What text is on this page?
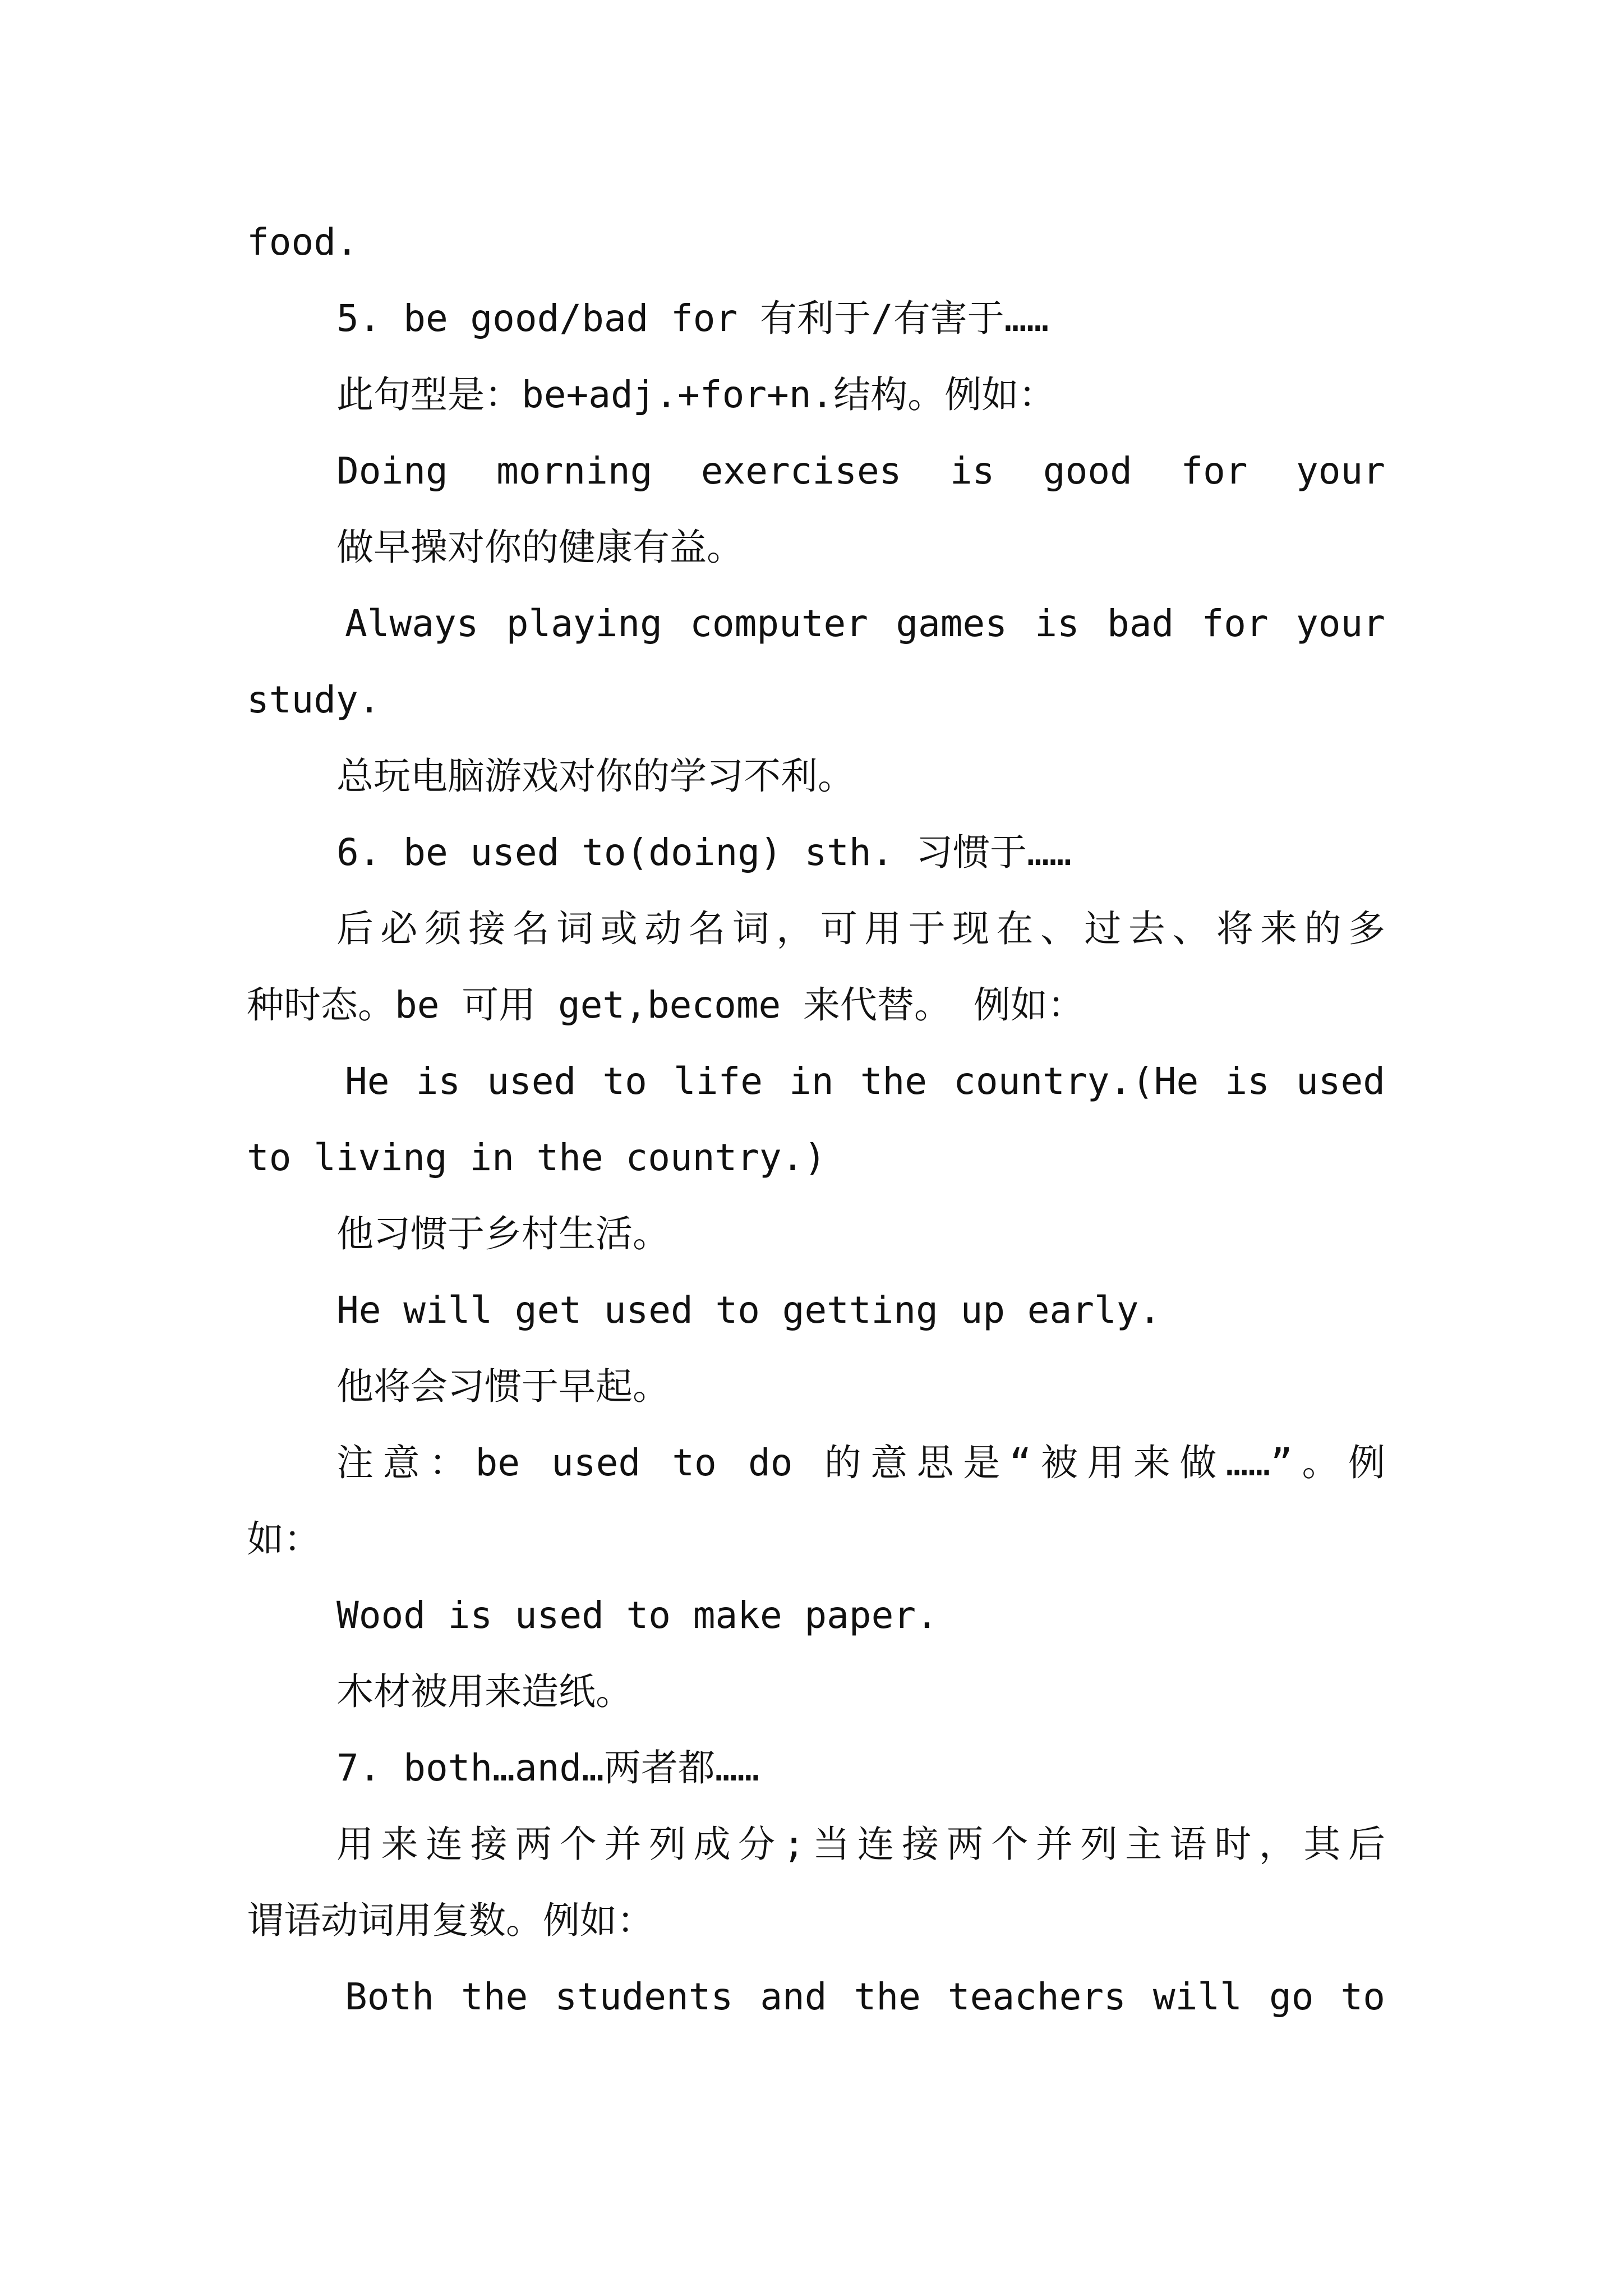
food.
5. be good/bad for 有利于/有害于……
此句型是：be+adj.+for+n.结构。例如：
Doing morning exercises is good for your
做早操对你的健康有益。
Always playing computer games is bad for your
study.
总玩电脑游戏对你的学习不利。
6. be used to(doing) sth. 习惯于……
后必须接名词或动名词，可用于现在、过去、将来的多
种时态。be 可用 get,become 来代替。 例如：
He is used to life in the country.(He is used
to living in the country.)
他习惯于乡村生活。
He will get used to getting up early.
他将会习惯于早起。
注意：be used to do 的意思是“被用来做……”。例
如：
Wood is used to make paper.
木材被用来造纸。
7. both…and…两者都……
用来连接两个并列成分;当连接两个并列主语时，其后
谓语动词用复数。例如：
Both the students and the teachers will go to
